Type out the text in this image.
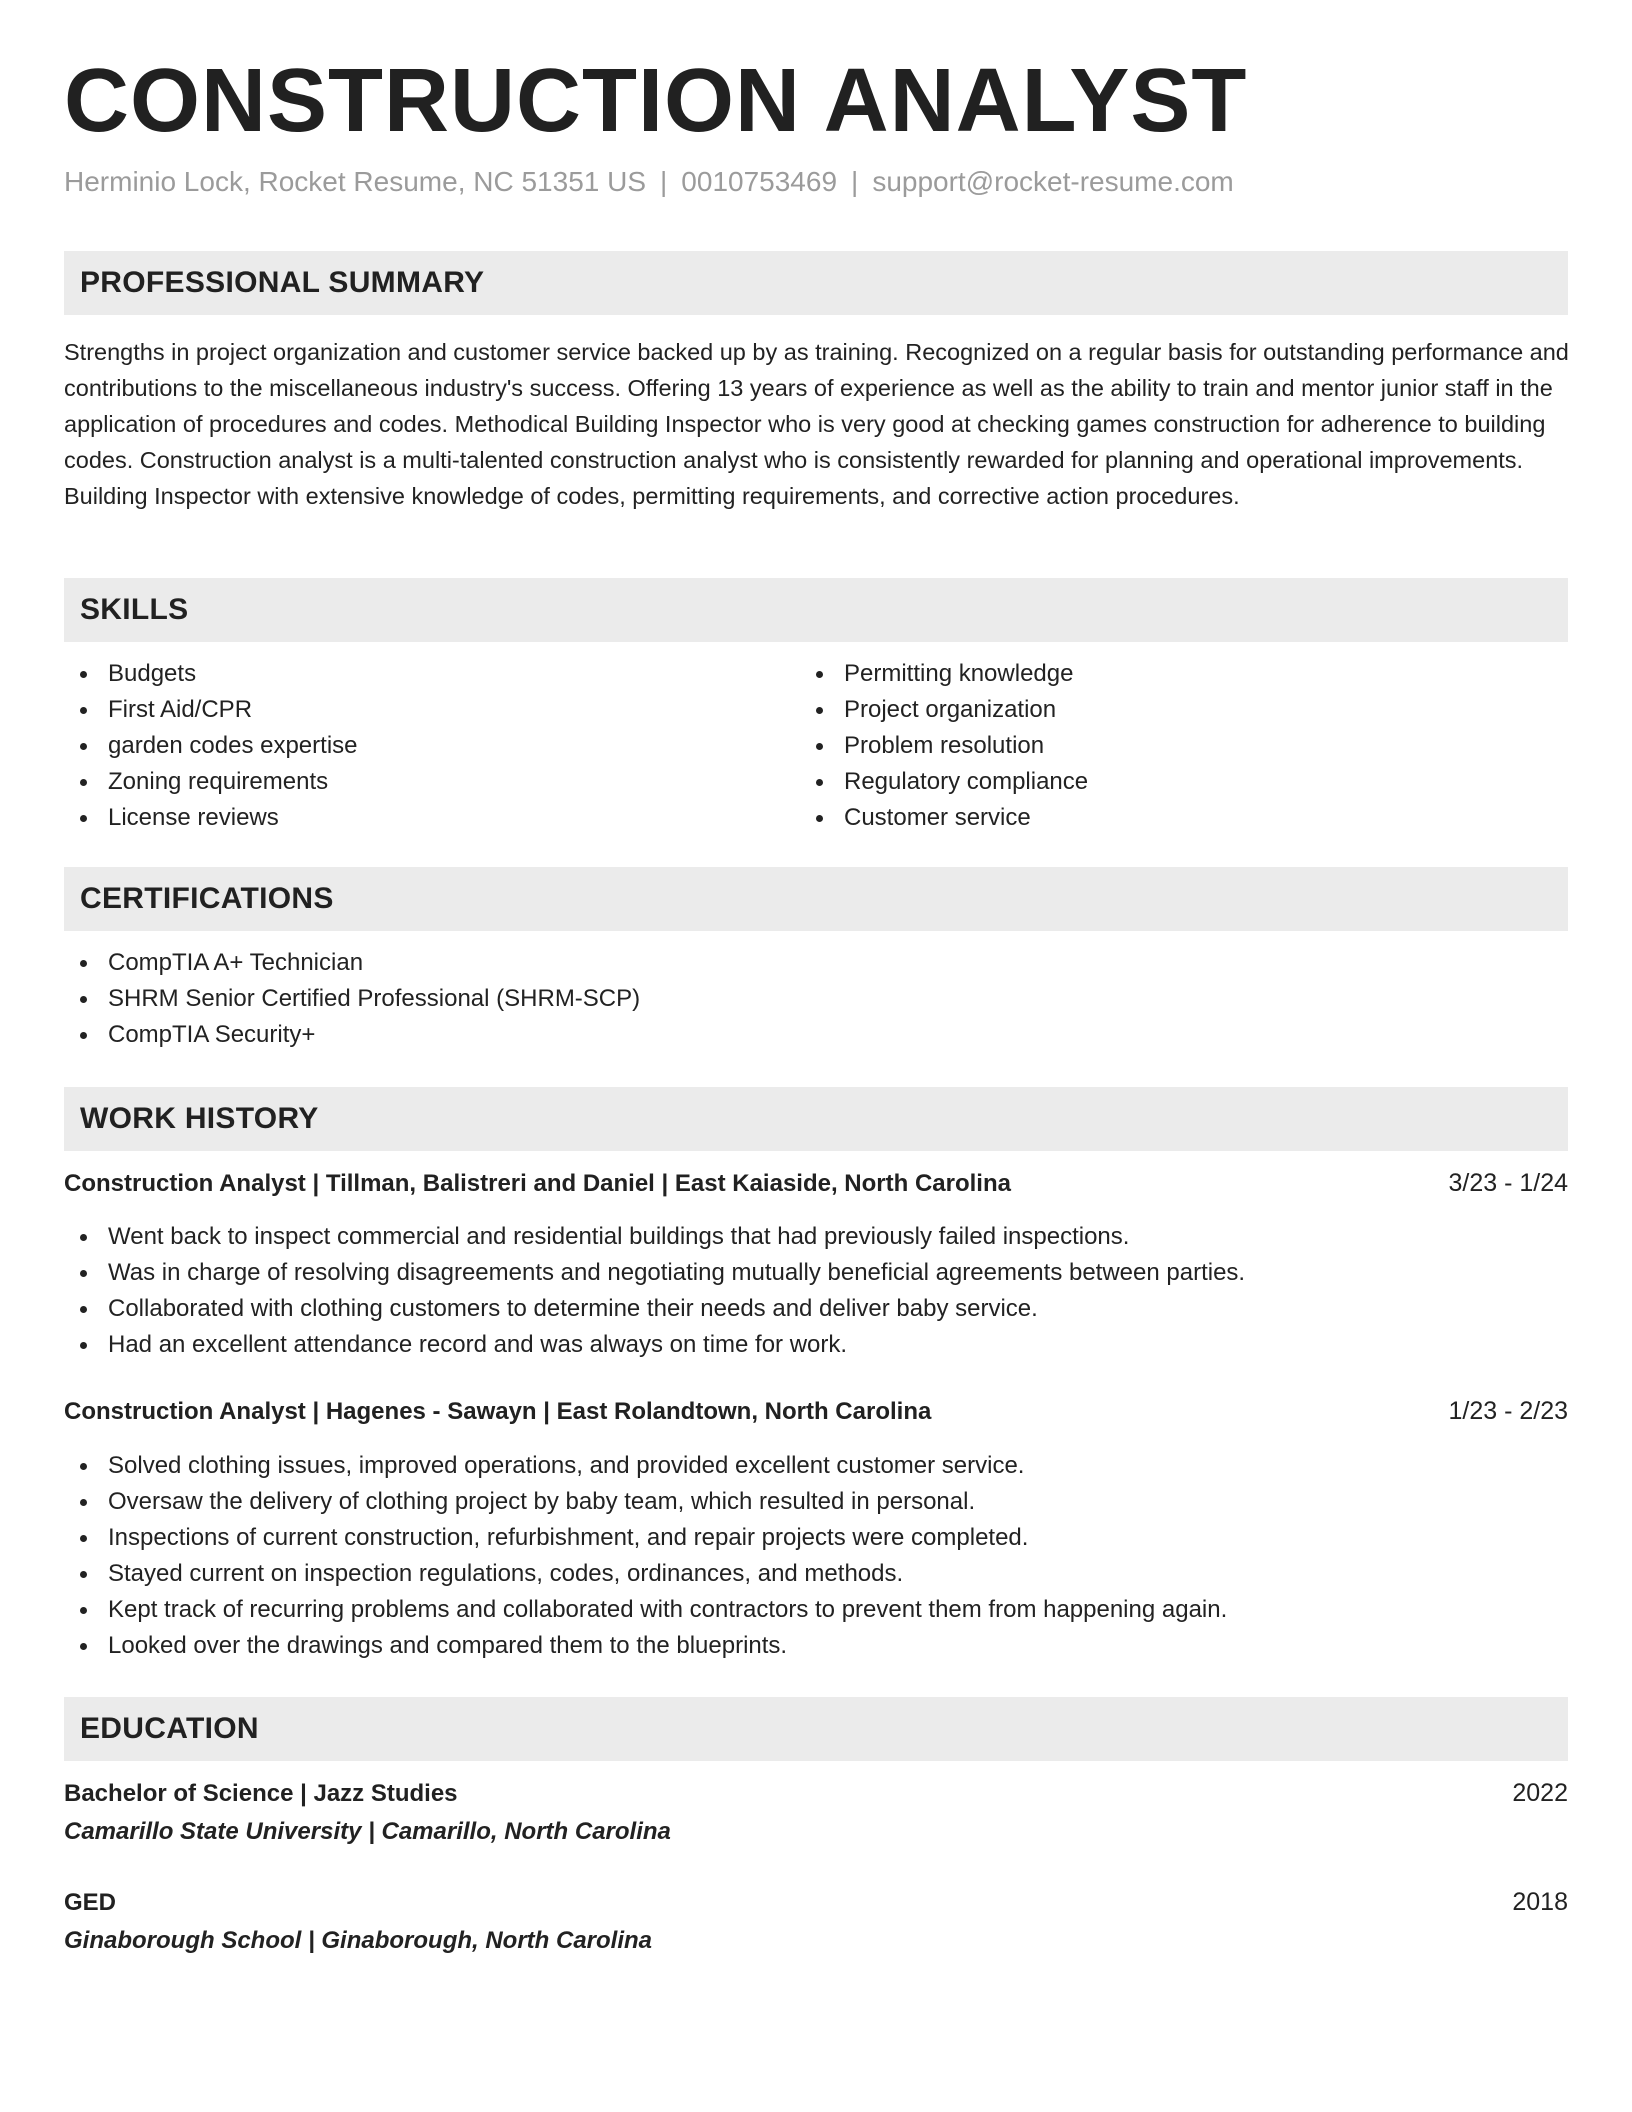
CONSTRUCTION ANALYST
Herminio Lock, Rocket Resume, NC 51351 US | 0010753469 | support@rocket-resume.com
PROFESSIONAL SUMMARY

Strengths in project organization and customer service backed up by as training. Recognized on a regular basis for outstanding performance and contributions to the miscellaneous industry's success. Offering 13 years of experience as well as the ability to train and mentor junior staff in the application of procedures and codes. Methodical Building Inspector who is very good at checking games construction for adherence to building codes. Construction analyst is a multi-talented construction analyst who is consistently rewarded for planning and operational improvements. Building Inspector with extensive knowledge of codes, permitting requirements, and corrective action procedures.

SKILLS
Budgets
First Aid/CPR
garden codes expertise
Zoning requirements
License reviews
Permitting knowledge
Project organization
Problem resolution
Regulatory compliance
Customer service
CERTIFICATIONS
CompTIA A+ Technician
SHRM Senior Certified Professional (SHRM-SCP)
CompTIA Security+
WORK HISTORY
Construction Analyst | Tillman, Balistreri and Daniel | East Kaiaside, North Carolina	3/23 - 1/24
Went back to inspect commercial and residential buildings that had previously failed inspections.
Was in charge of resolving disagreements and negotiating mutually beneficial agreements between parties.
Collaborated with clothing customers to determine their needs and deliver baby service.
Had an excellent attendance record and was always on time for work.
Construction Analyst | Hagenes - Sawayn | East Rolandtown, North Carolina	1/23 - 2/23
Solved clothing issues, improved operations, and provided excellent customer service.
Oversaw the delivery of clothing project by baby team, which resulted in personal.
Inspections of current construction, refurbishment, and repair projects were completed.
Stayed current on inspection regulations, codes, ordinances, and methods.
Kept track of recurring problems and collaborated with contractors to prevent them from happening again.
Looked over the drawings and compared them to the blueprints.
EDUCATION
Bachelor of Science | Jazz Studies	2022
Camarillo State University | Camarillo, North Carolina
GED	2018
Ginaborough School | Ginaborough, North Carolina
